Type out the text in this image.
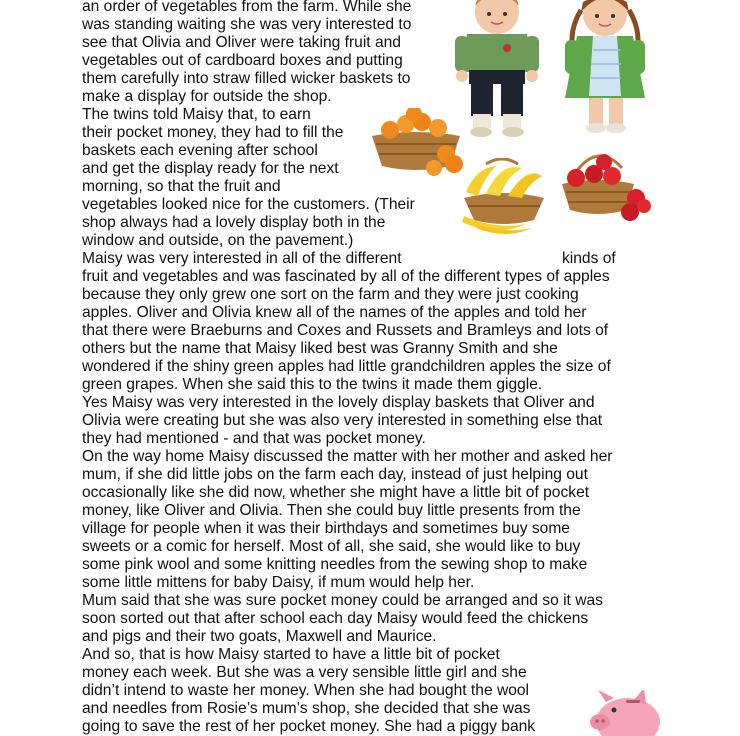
an order of vegetables from the farm. While she
was standing waiting she was very interested to
see that Olivia and Oliver were taking fruit and
vegetables out of cardboard boxes and putting
them carefully into straw filled wicker baskets to
make a display for outside the shop.
The twins told Maisy that, to earn
their pocket money, they had to fill the
baskets each evening after school
and get the display ready for the next
morning, so that the fruit and
vegetables looked nice for the customers. (Their
shop always had a lovely display both in the
window and outside, on the pavement.)
Maisy was very interested in all of the different	kinds of
fruit and vegetables and was fascinated by all of the different types of apples
because they only grew one sort on the farm and they were just cooking
apples. Oliver and Olivia knew all of the names of the apples and told her
that there were Braeburns and Coxes and Russets and Bramleys and lots of
others but the name that Maisy liked best was Granny Smith and she
wondered if the shiny green apples had little grandchildren apples the size of
green grapes. When she said this to the twins it made them giggle.
Yes Maisy was very interested in the lovely display baskets that Oliver and
Olivia were creating but she was also very interested in something else that
they had mentioned - and that was pocket money.
On the way home Maisy discussed the matter with her mother and asked her
mum, if she did little jobs on the farm each day, instead of just helping out
occasionally like she did now, whether she might have a little bit of pocket
money, like Oliver and Olivia. Then she could buy little presents from the
village for people when it was their birthdays and sometimes buy some
sweets or a comic for herself. Most of all, she said, she would like to buy
some pink wool and some knitting needles from the sewing shop to make
some little mittens for baby Daisy, if mum would help her.
Mum said that she was sure pocket money could be arranged and so it was
soon sorted out that after school each day Maisy would feed the chickens
and pigs and their two goats, Maxwell and Maurice.
And so, that is how Maisy started to have a little bit of pocket
money each week. But she was a very sensible little girl and she
didn’t intend to waste her money. When she had bought the wool
and needles from Rosie’s mum’s shop, she decided that she was
going to save the rest of her pocket money. She had a piggy bank
